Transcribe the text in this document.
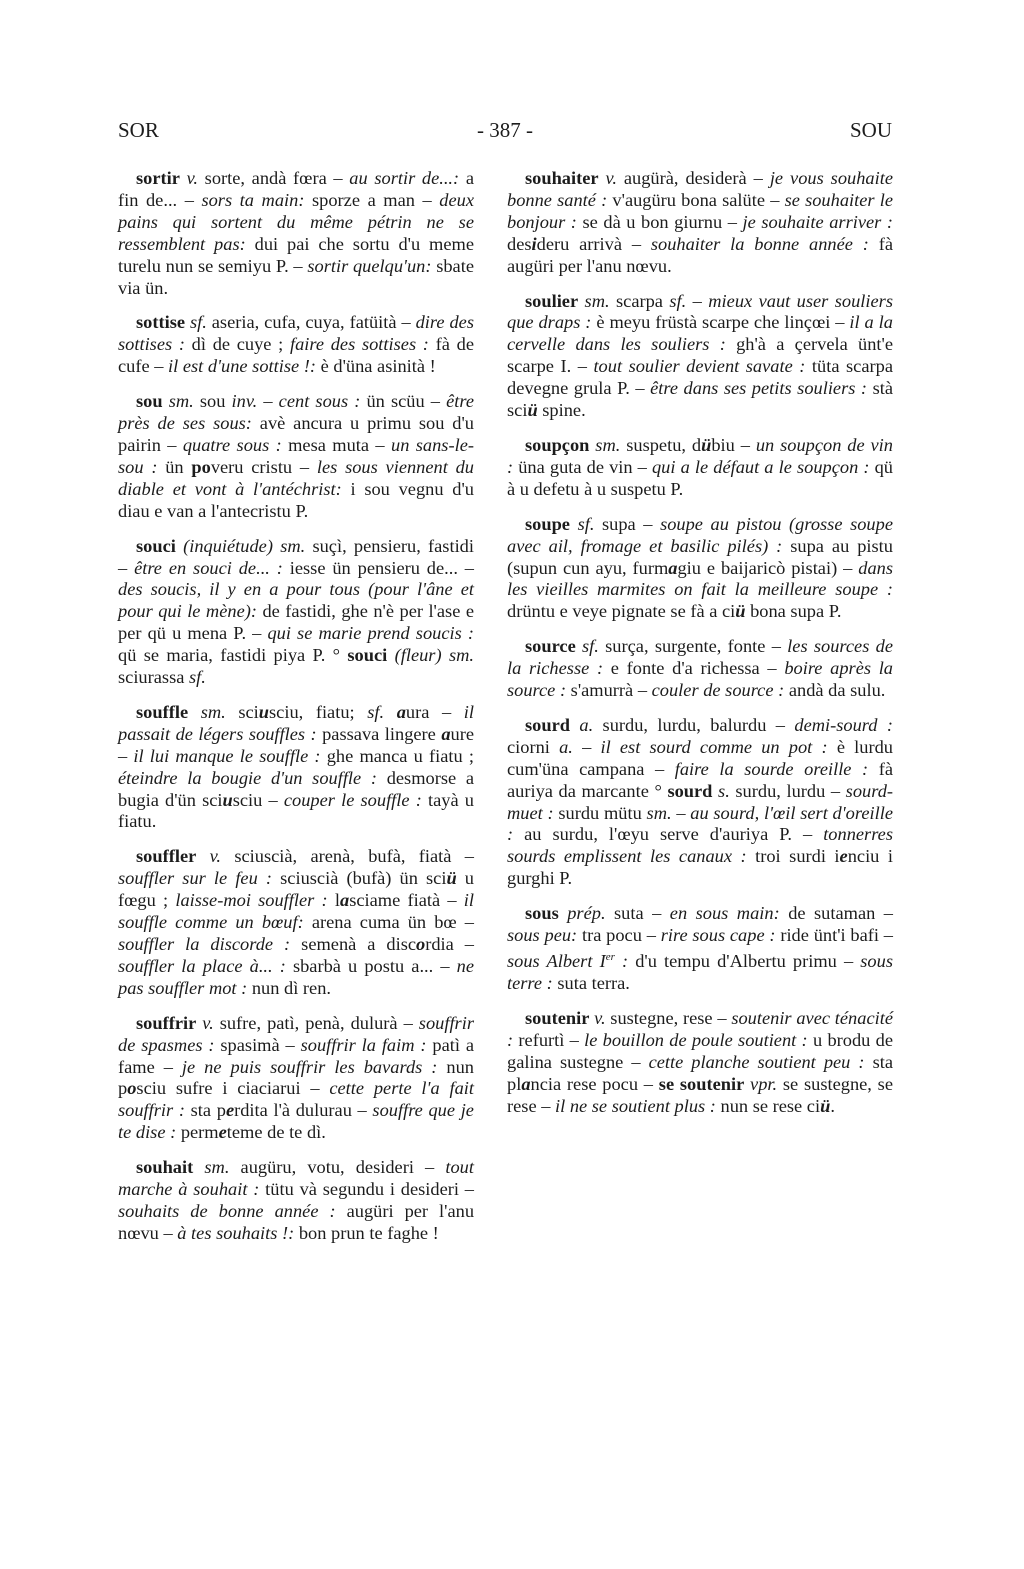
SOR	- 387 -	SOU

sortir v. sorte, andà fœra – au sortir de...: a fin de... – sors ta main: sporze a man – deux pains qui sortent du même pétrin ne se ressemblent pas: dui pai che sortu d'u meme turelu nun se semiyu P. – sortir quelqu'un: sbate via ün.

sottise sf. aseria, cufa, cuya, fatüità – dire des sottises : dì de cuye ; faire des sottises : fà de cufe – il est d'une sottise !: è d'üna asinità !

sou sm. sou inv. – cent sous : ün scüu – être près de ses sous: avè ancura u primu sou d'u pairin – quatre sous : mesa muta – un sans-le-sou : ün poveru cristu – les sous viennent du diable et vont à l'antéchrist: i sou vegnu d'u diau e van a l'antecristu P.

souci (inquiétude) sm. suçì, pensieru, fastidi – être en souci de... : iesse ün pensieru de... – des soucis, il y en a pour tous (pour l'âne et pour qui le mène): de fastidi, ghe n'è per l'ase e per qü u mena P. – qui se marie prend soucis : qü se maria, fastidi piya P. ° souci (fleur) sm. sciurassa sf.

souffle sm. sciusciu, fiatu; sf. aura – il passait de légers souffles : passava lingere aure – il lui manque le souffle : ghe manca u fiatu ; éteindre la bougie d'un souffle : desmorse a bugia d'ün sciusciu – couper le souffle : tayà u fiatu.

souffler v. sciuscià, arenà, bufà, fiatà – souffler sur le feu : sciuscià (bufà) ün sciü u fœgu ; laisse-moi souffler : lasciame fiatà – il souffle comme un bœuf: arena cuma ün bœ – souffler la discorde : semenà a discordia – souffler la place à... : sbarbà u postu a... – ne pas souffler mot : nun dì ren.

souffrir v. sufre, patì, penà, dulurà – souffrir de spasmes : spasimà – souffrir la faim : patì a fame – je ne puis souffrir les bavards : nun posciu sufre i ciaciarui – cette perte l'a fait souffrir : sta perdita l'à dulurau – souffre que je te dise : permeteme de te dì.

souhait sm. augüru, votu, desideri – tout marche à souhait : tütu và segundu i desideri – souhaits de bonne année : augüri per l'anu nœvu – à tes souhaits !: bon prun te faghe !

souhaiter v. augürà, desiderà – je vous souhaite bonne santé : v'augüru bona salüte – se souhaiter le bonjour : se dà u bon giurnu – je souhaite arriver : desideru arrivà – souhaiter la bonne année : fà augüri per l'anu nœvu.

soulier sm. scarpa sf. – mieux vaut user souliers que draps : è meyu früstà scarpe che linçœi – il a la cervelle dans les souliers : gh'à a çervela ünt'e scarpe I. – tout soulier devient savate : tüta scarpa devegne grula P. – être dans ses petits souliers : stà sciü spine.

soupçon sm. suspetu, dübiu – un soupçon de vin : üna guta de vin – qui a le défaut a le soupçon : qü à u defetu à u suspetu P.

soupe sf. supa – soupe au pistou (grosse soupe avec ail, fromage et basilic pilés) : supa au pistu (supun cun ayu, furmagiu e baijaricò pistai) – dans les vieilles marmites on fait la meilleure soupe : drüntu e veye pignate se fà a ciü bona supa P.

source sf. surça, surgente, fonte – les sources de la richesse : e fonte d'a richessa – boire après la source : s'amurrà – couler de source : andà da sulu.

sourd a. surdu, lurdu, balurdu – demi-sourd : ciorni a. – il est sourd comme un pot : è lurdu cum'üna campana – faire la sourde oreille : fà auriya da marcante ° sourd s. surdu, lurdu – sourd-muet : surdu mütu sm. – au sourd, l'œil sert d'oreille : au surdu, l'œyu serve d'auriya P. – tonnerres sourds emplissent les canaux : troi surdi ienciu i gurghi P.

sous prép. suta – en sous main: de sutaman – sous peu: tra pocu – rire sous cape : ride ünt'i bafi – sous Albert Ier : d'u tempu d'Albertu primu – sous terre : suta terra.

soutenir v. sustegne, rese – soutenir avec ténacité : refurtì – le bouillon de poule soutient : u brodu de galina sustegne – cette planche soutient peu : sta plancia rese pocu – se soutenir vpr. se sustegne, se rese – il ne se soutient plus : nun se rese ciü.
